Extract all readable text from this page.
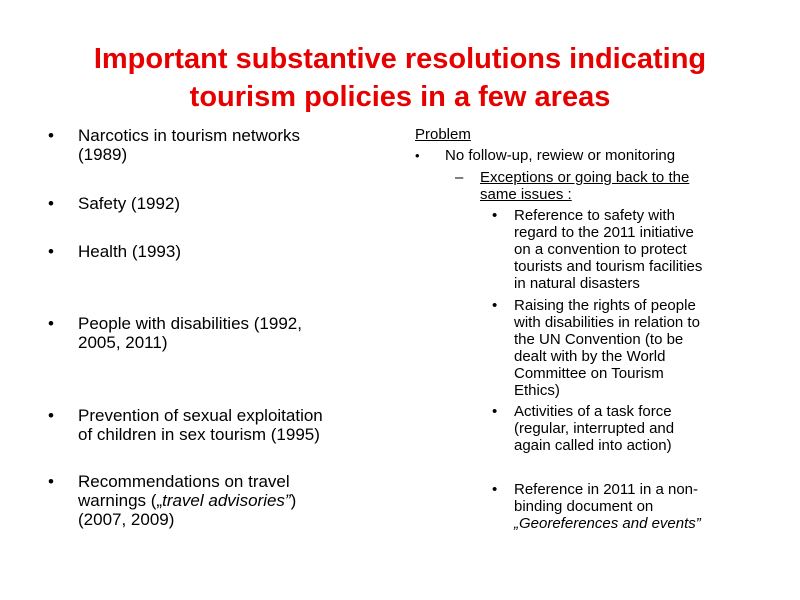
Important substantive resolutions indicating
tourism policies in a few areas
• Narcotics in tourism networks
(1989)
• Safety (1992)
• Health (1993)
• People with disabilities (1992,
2005, 2011)
• Prevention of sexual exploitation
of children in sex tourism (1995)
• Recommendations on travel
warnings („travel advisories”)
(2007, 2009)
Problem
• No follow-up, rewiew or monitoring
– Exceptions or going back to the
same issues :
• Reference to safety with
regard to the 2011 initiative
on a convention to protect
tourists and tourism facilities
in natural disasters
• Raising the rights of people
with disabilities in relation to
the UN Convention (to be
dealt with by the World
Committee on Tourism
Ethics)
• Activities of a task force
(regular, interrupted and
again called into action)
• Reference in 2011 in a non-
binding document on
„Georeferences and events”
